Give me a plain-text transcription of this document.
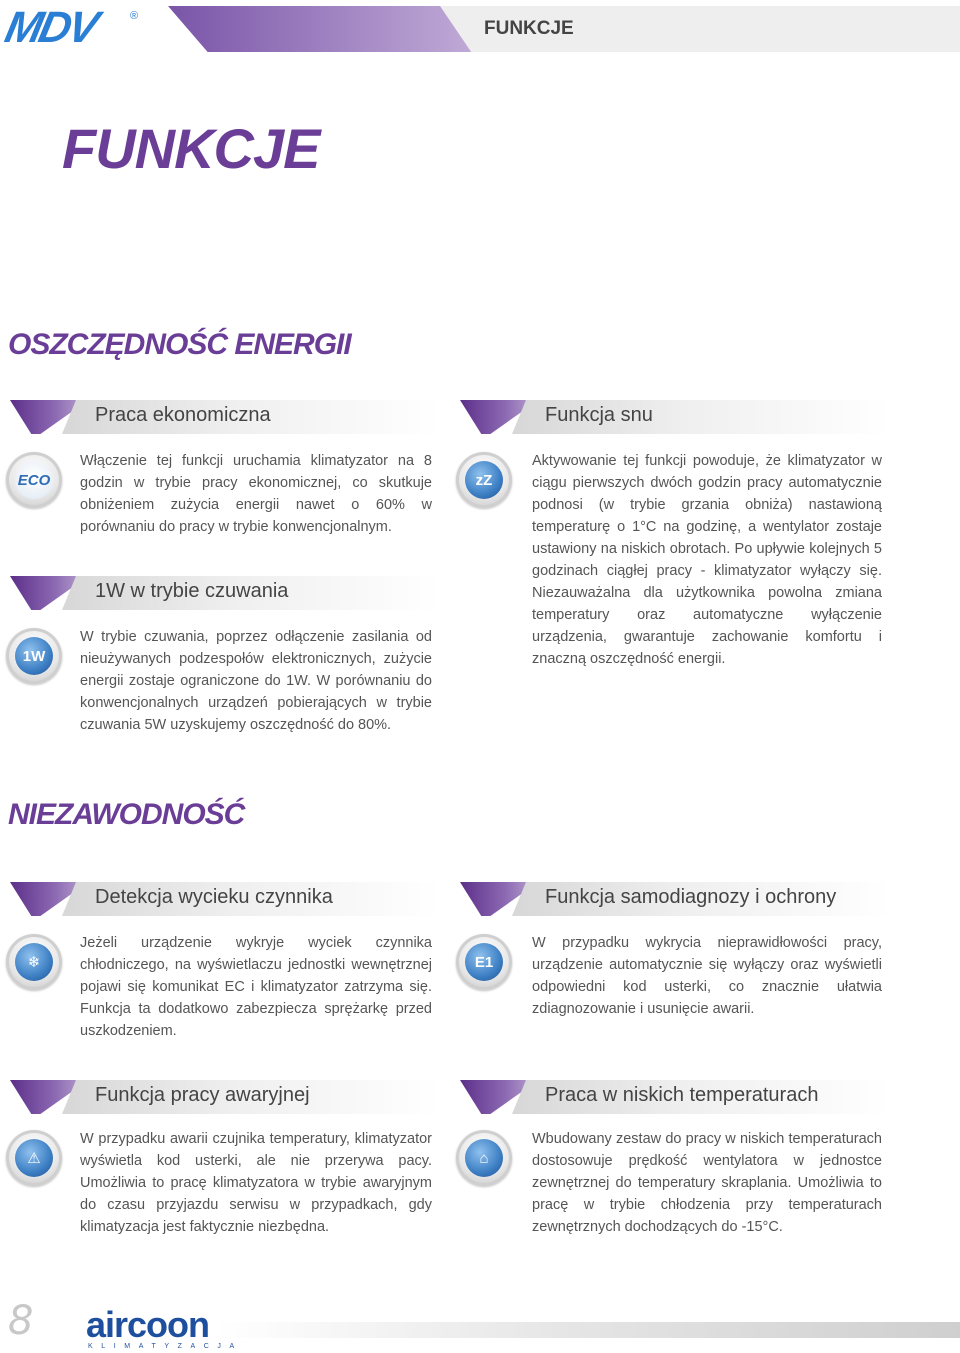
MDV	®
FUNKCJE
FUNKCJE
OSZCZĘDNOŚĆ ENERGII
Praca ekonomiczna
ECO
Włączenie tej funkcji uruchamia klimatyzator na 8 godzin w trybie pracy ekonomicznej, co skutkuje obniżeniem zużycia energii nawet o 60% w porównaniu do pracy w trybie konwencjonalnym.
1W w trybie czuwania
1W
W trybie czuwania, poprzez odłączenie zasilania od nieużywanych podzespołów elektronicznych, zużycie energii zostaje ograniczone do 1W. W porównaniu do konwencjonalnych urządzeń pobierających w trybie czuwania 5W uzyskujemy oszczędność do 80%.
Funkcja snu
zZ
Aktywowanie tej funkcji powoduje, że klimatyzator w ciągu pierwszych dwóch godzin pracy automatycznie podnosi (w trybie grzania obniża) nastawioną temperaturę o 1°C na godzinę, a wentylator zostaje ustawiony na niskich obrotach. Po upływie kolejnych 5 godzinach ciągłej pracy - klimatyzator wyłączy się. Niezauważalna dla użytkownika powolna zmiana temperatury oraz automatyczne wyłączenie urządzenia, gwarantuje zachowanie komfortu i znaczną oszczędność energii.
NIEZAWODNOŚĆ
Detekcja wycieku czynnika
❄
Jeżeli urządzenie wykryje wyciek czynnika chłodniczego, na wyświetlaczu jednostki wewnętrznej pojawi się komunikat EC i klimatyzator zatrzyma się. Funkcja ta dodatkowo zabezpiecza sprężarkę przed uszkodzeniem.
Funkcja samodiagnozy i ochrony
E1
W przypadku wykrycia nieprawidłowości pracy, urządzenie automatycznie się wyłączy oraz wyświetli odpowiedni kod usterki, co znacznie ułatwia zdiagnozowanie i usunięcie awarii.
Funkcja pracy awaryjnej
⚠
W przypadku awarii czujnika temperatury, klimatyzator wyświetla kod usterki, ale nie przerywa pacy. Umożliwia to pracę klimatyzatora w trybie awaryjnym do czasu przyjazdu serwisu w przypadkach, gdy klimatyzacja jest faktycznie niezbędna.
Praca w niskich temperaturach
⌂
Wbudowany zestaw do pracy w niskich temperaturach dostosowuje prędkość wentylatora w jednostce zewnętrznej do temperatury skraplania. Umożliwia to pracę w trybie chłodzenia przy temperaturach zewnętrznych dochodzących do -15°C.
8 aircoon
KLIMATYZACJA
